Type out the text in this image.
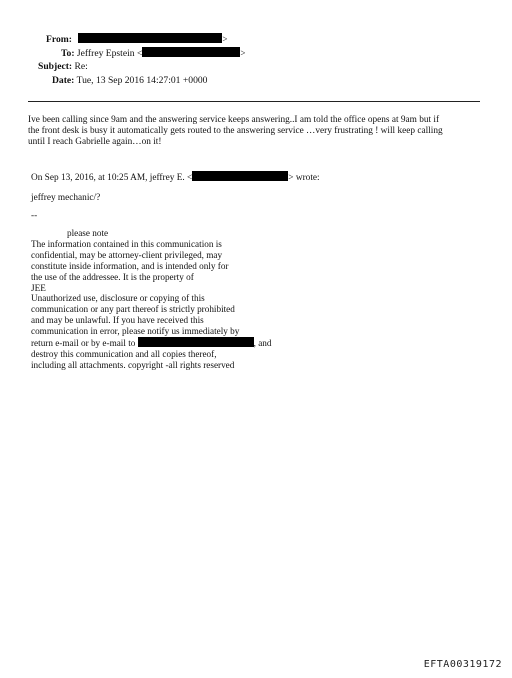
From:	>
To: Jeffrey Epstein <	>
Subject: Re:
Date: Tue, 13 Sep 2016 14:27:01 +0000
Ive been calling since 9am and the answering service keeps answering..I am told the office opens at 9am but if
the front desk is busy it automatically gets routed to the answering service …very frustrating ! will keep calling
until I reach Gabrielle again…on it!
On Sep 13, 2016, at 10:25 AM, jeffrey E. <	> wrote:
jeffrey mechanic/?
--
please note
The information contained in this communication is
confidential, may be attorney-client privileged, may
constitute inside information, and is intended only for
the use of the addressee. It is the property of
JEE
Unauthorized use, disclosure or copying of this
communication or any part thereof is strictly prohibited
and may be unlawful. If you have received this
communication in error, please notify us immediately by
return e-mail or by e-mail to	, and
destroy this communication and all copies thereof,
including all attachments. copyright -all rights reserved
EFTA00319172
